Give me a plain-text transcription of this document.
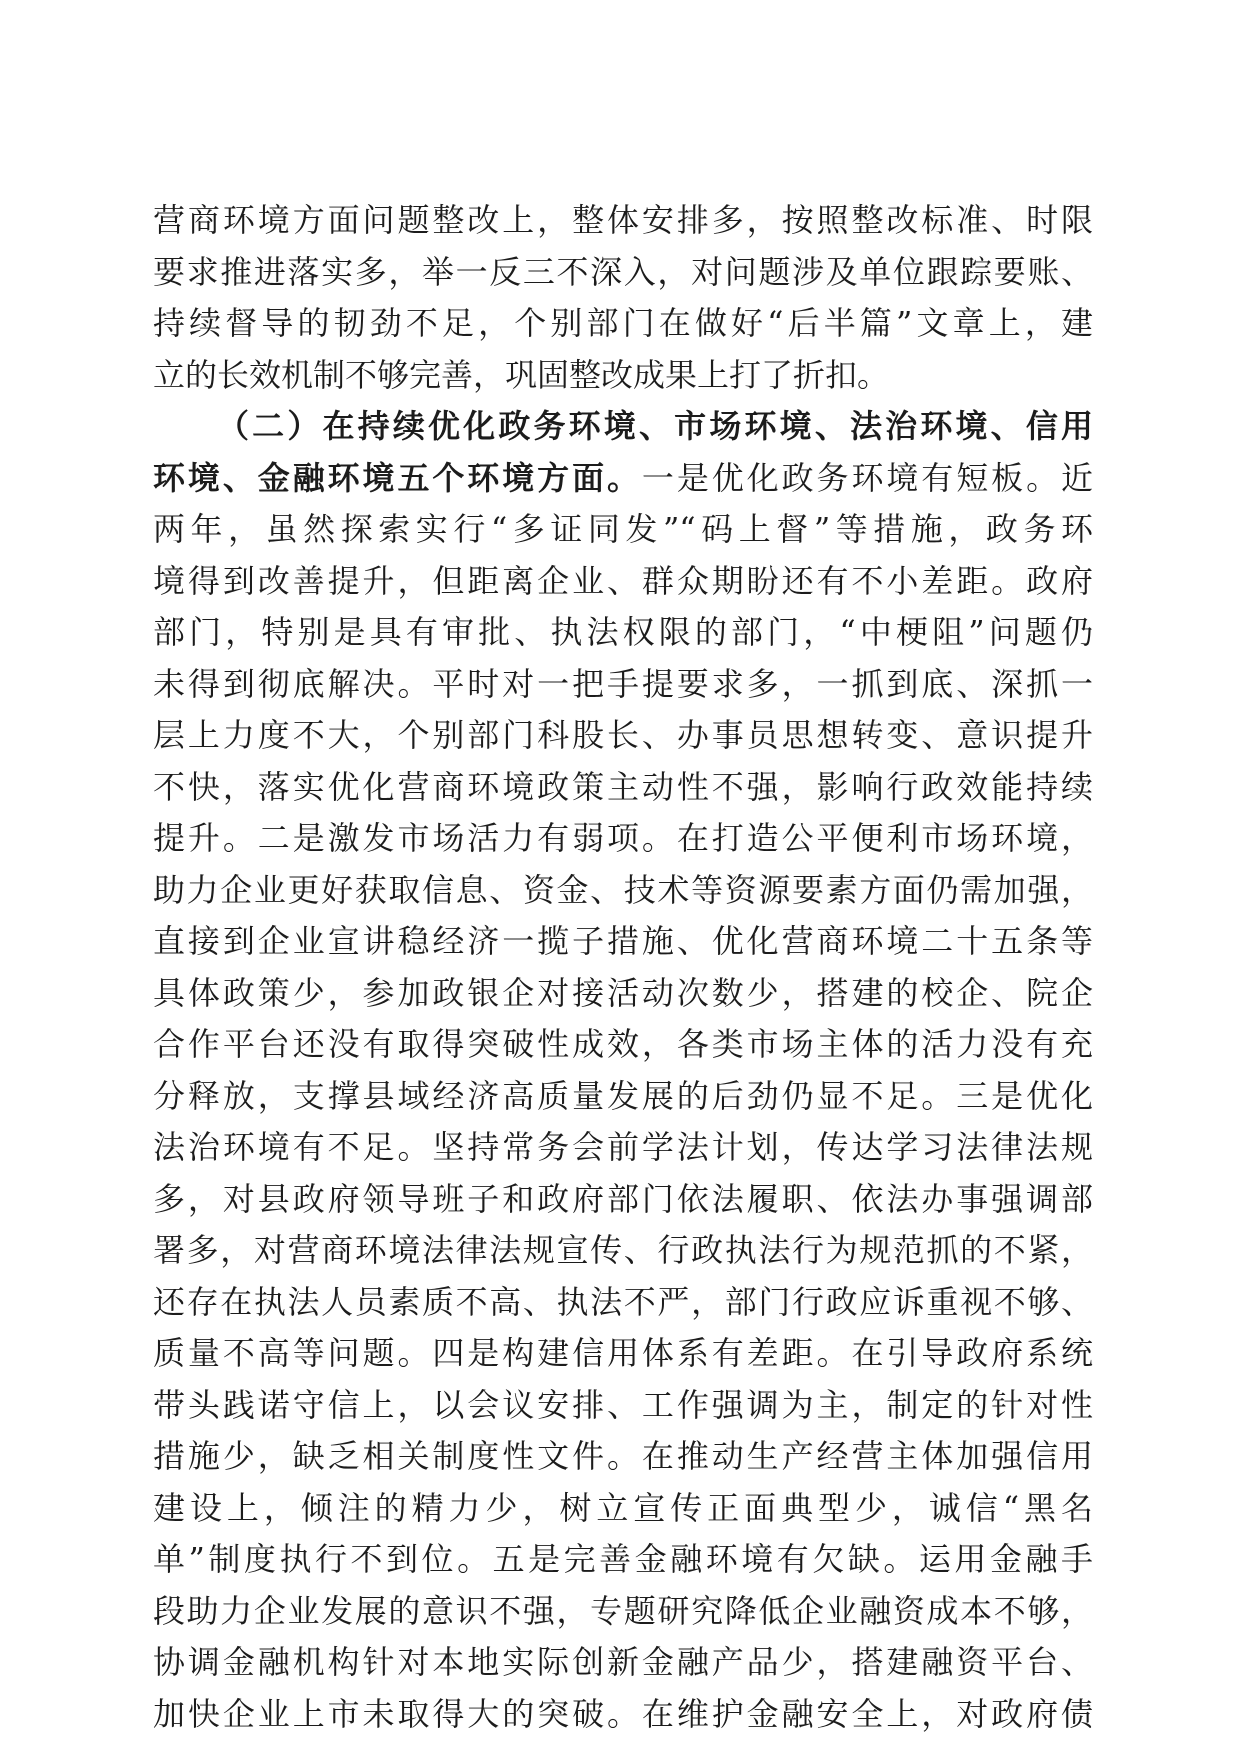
营商环境方面问题整改上，整体安排多，按照整改标准、时限
要求推进落实多，举一反三不深入，对问题涉及单位跟踪要账、
持续督导的韧劲不足，个别部门在做好“后半篇”文章上，建
立的长效机制不够完善，巩固整改成果上打了折扣。
（二）在持续优化政务环境、市场环境、法治环境、信用
环境、金融环境五个环境方面。一是优化政务环境有短板。近
两年，虽然探索实行“多证同发”“码上督”等措施，政务环
境得到改善提升，但距离企业、群众期盼还有不小差距。政府
部门，特别是具有审批、执法权限的部门，“中梗阻”问题仍
未得到彻底解决。平时对一把手提要求多，一抓到底、深抓一
层上力度不大，个别部门科股长、办事员思想转变、意识提升
不快，落实优化营商环境政策主动性不强，影响行政效能持续
提升。二是激发市场活力有弱项。在打造公平便利市场环境，
助力企业更好获取信息、资金、技术等资源要素方面仍需加强，
直接到企业宣讲稳经济一揽子措施、优化营商环境二十五条等
具体政策少，参加政银企对接活动次数少，搭建的校企、院企
合作平台还没有取得突破性成效，各类市场主体的活力没有充
分释放，支撑县域经济高质量发展的后劲仍显不足。三是优化
法治环境有不足。坚持常务会前学法计划，传达学习法律法规
多，对县政府领导班子和政府部门依法履职、依法办事强调部
署多，对营商环境法律法规宣传、行政执法行为规范抓的不紧，
还存在执法人员素质不高、执法不严，部门行政应诉重视不够、
质量不高等问题。四是构建信用体系有差距。在引导政府系统
带头践诺守信上，以会议安排、工作强调为主，制定的针对性
措施少，缺乏相关制度性文件。在推动生产经营主体加强信用
建设上，倾注的精力少，树立宣传正面典型少，诚信“黑名
单”制度执行不到位。五是完善金融环境有欠缺。运用金融手
段助力企业发展的意识不强，专题研究降低企业融资成本不够，
协调金融机构针对本地实际创新金融产品少，搭建融资平台、
加快企业上市未取得大的突破。在维护金融安全上，对政府债
